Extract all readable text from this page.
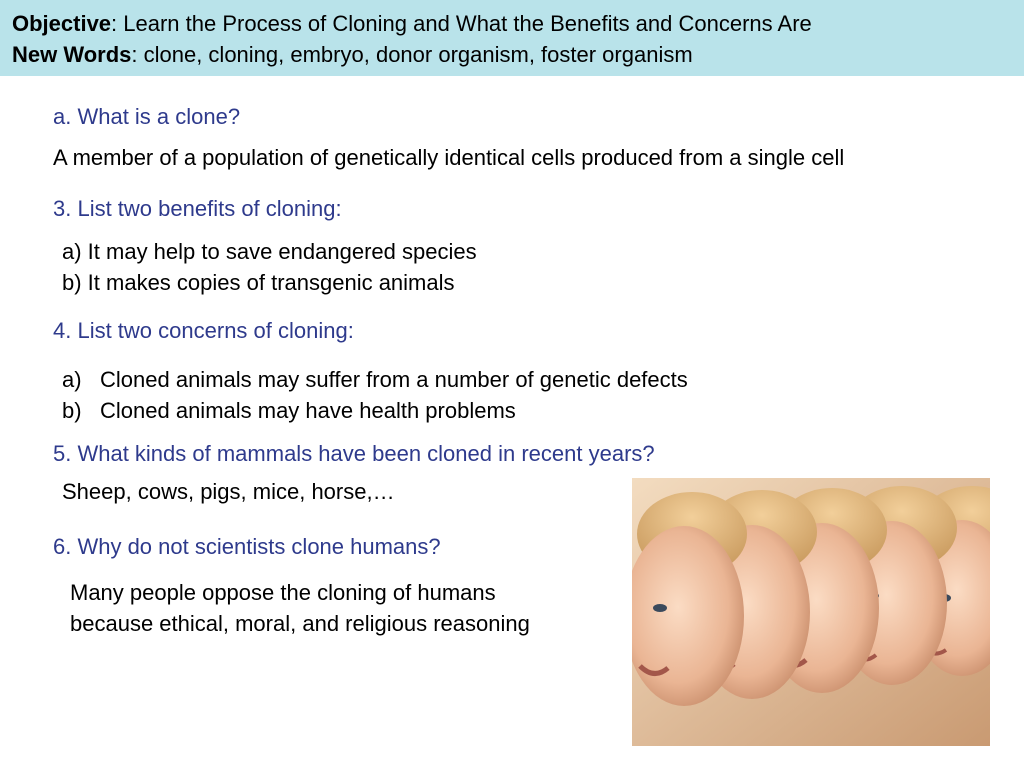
Objective: Learn the Process of Cloning and What the Benefits and Concerns Are
New Words: clone, cloning, embryo, donor organism, foster organism
a. What is a clone?
A member of a population of genetically identical cells produced from a single cell
3. List two benefits of cloning:
a) It may help to save endangered species
b) It makes copies of transgenic animals
4. List two concerns of cloning:
a) Cloned animals may suffer from a number of genetic defects
b) Cloned animals may have health problems
5. What kinds of mammals have been cloned in recent years?
Sheep, cows, pigs, mice, horse,…
6. Why do not scientists clone humans?
Many people oppose the cloning of humans
because ethical, moral, and religious reasoning
